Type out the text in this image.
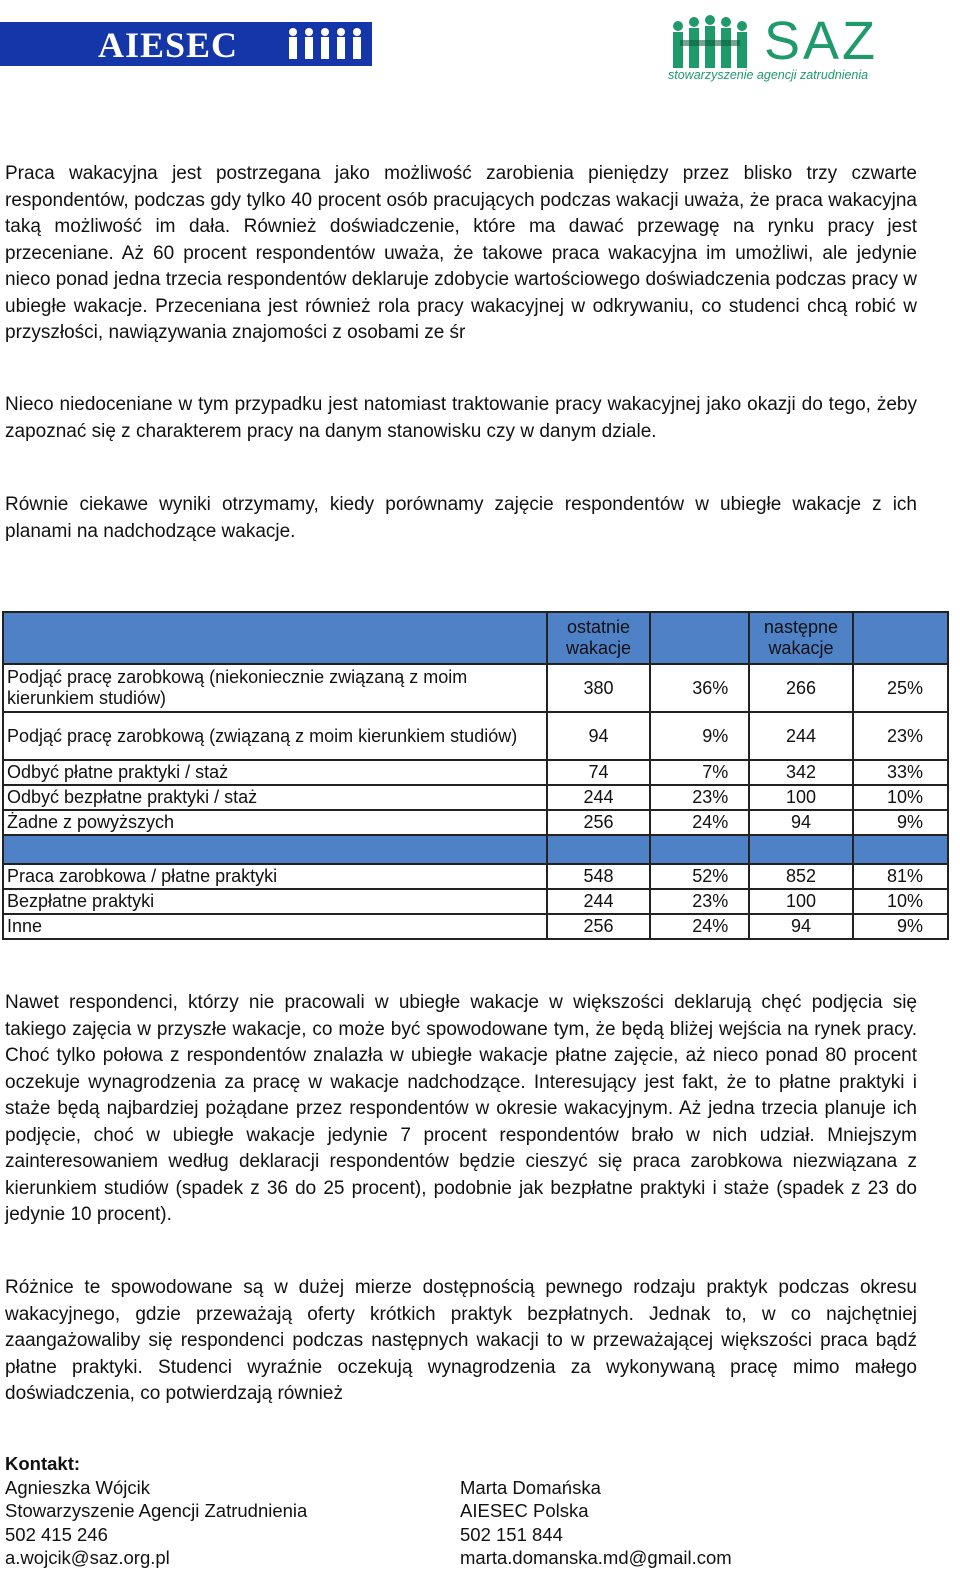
AIESEC	SAZ
stowarzyszenie agencji zatrudnienia

Praca wakacyjna jest postrzegana jako możliwość zarobienia pieniędzy przez blisko trzy czwarte respondentów, podczas gdy tylko 40 procent osób pracujących podczas wakacji uważa, że praca wakacyjna taką możliwość im dała. Również doświadczenie, które ma dawać przewagę na rynku pracy jest przeceniane. Aż 60 procent respondentów uważa, że takowe praca wakacyjna im umożliwi, ale jedynie nieco ponad jedna trzecia respondentów deklaruje zdobycie wartościowego doświadczenia podczas pracy w ubiegłe wakacje. Przeceniana jest również rola pracy wakacyjnej w odkrywaniu, co studenci chcą robić w przyszłości, nawiązywania znajomości z osobami ze śr

Nieco niedoceniane w tym przypadku jest natomiast traktowanie pracy wakacyjnej jako okazji do tego, żeby zapoznać się z charakterem pracy na danym stanowisku czy w danym dziale.

Równie ciekawe wyniki otrzymamy, kiedy porównamy zajęcie respondentów w ubiegłe wakacje z ich planami na nadchodzące wakacje.

	ostatnie wakacje		następne wakacje	
Podjąć pracę zarobkową (niekoniecznie związaną z moim kierunkiem studiów)	380	36%	266	25%
Podjąć pracę zarobkową (związaną z moim kierunkiem studiów)	94	9%	244	23%
Odbyć płatne praktyki / staż	74	7%	342	33%
Odbyć bezpłatne praktyki / staż	244	23%	100	10%
Żadne z powyższych	256	24%	94	9%

Praca zarobkowa / płatne praktyki	548	52%	852	81%
Bezpłatne praktyki	244	23%	100	10%
Inne	256	24%	94	9%

Nawet respondenci, którzy nie pracowali w ubiegłe wakacje w większości deklarują chęć podjęcia się takiego zajęcia w przyszłe wakacje, co może być spowodowane tym, że będą bliżej wejścia na rynek pracy. Choć tylko połowa z respondentów znalazła w ubiegłe wakacje płatne zajęcie, aż nieco ponad 80 procent oczekuje wynagrodzenia za pracę w wakacje nadchodzące. Interesujący jest fakt, że to płatne praktyki i staże będą najbardziej pożądane przez respondentów w okresie wakacyjnym. Aż jedna trzecia planuje ich podjęcie, choć w ubiegłe wakacje jedynie 7 procent respondentów brało w nich udział. Mniejszym zainteresowaniem według deklaracji respondentów będzie cieszyć się praca zarobkowa niezwiązana z kierunkiem studiów (spadek z 36 do 25 procent), podobnie jak bezpłatne praktyki i staże (spadek z 23 do jedynie 10 procent).

Różnice te spowodowane są w dużej mierze dostępnością pewnego rodzaju praktyk podczas okresu wakacyjnego, gdzie przeważają oferty krótkich praktyk bezpłatnych. Jednak to, w co najchętniej zaangażowaliby się respondenci podczas następnych wakacji to w przeważającej większości praca bądź płatne praktyki. Studenci wyraźnie oczekują wynagrodzenia za wykonywaną pracę mimo małego doświadczenia, co potwierdzają również

Kontakt:
Agnieszka Wójcik
Stowarzyszenie Agencji Zatrudnienia
502 415 246
a.wojcik@saz.org.pl

Marta Domańska
AIESEC Polska
502 151 844
marta.domanska.md@gmail.com
